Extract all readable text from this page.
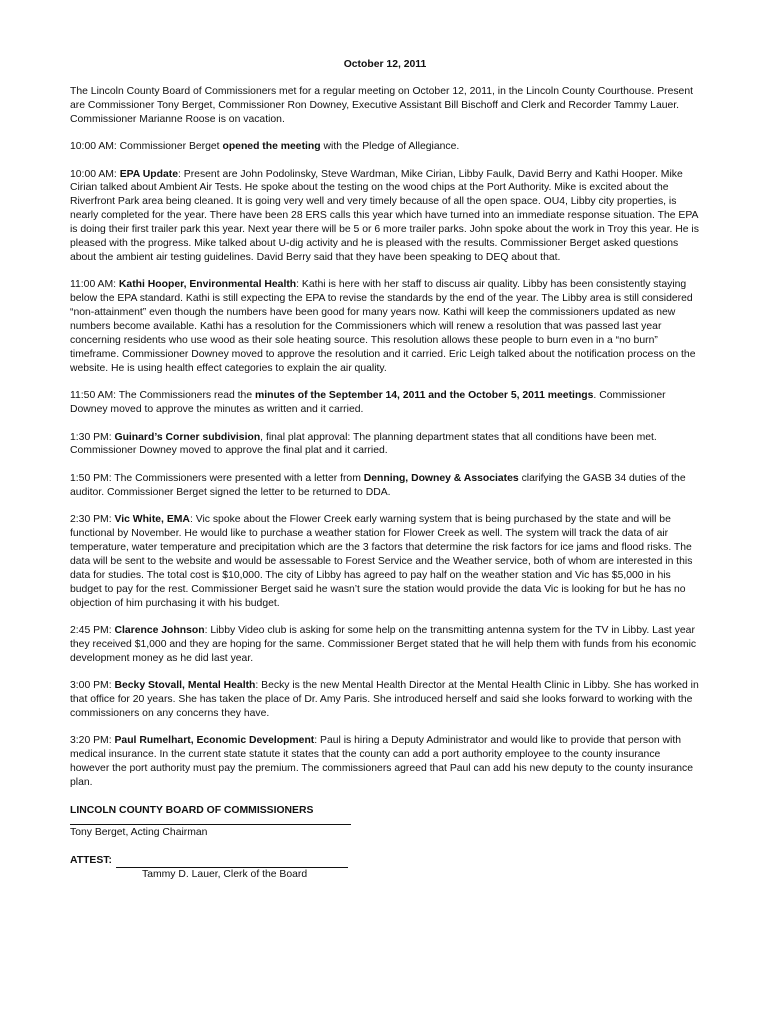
October 12, 2011

The Lincoln County Board of Commissioners met for a regular meeting on October 12, 2011, in the Lincoln County Courthouse. Present are Commissioner Tony Berget, Commissioner Ron Downey, Executive Assistant Bill Bischoff and Clerk and Recorder Tammy Lauer. Commissioner Marianne Roose is on vacation.

10:00 AM: Commissioner Berget opened the meeting with the Pledge of Allegiance.

10:00 AM: EPA Update: Present are John Podolinsky, Steve Wardman, Mike Cirian, Libby Faulk, David Berry and Kathi Hooper. Mike Cirian talked about Ambient Air Tests. He spoke about the testing on the wood chips at the Port Authority. Mike is excited about the Riverfront Park area being cleaned. It is going very well and very timely because of all the open space. OU4, Libby city properties, is nearly completed for the year. There have been 28 ERS calls this year which have turned into an immediate response situation. The EPA is doing their first trailer park this year. Next year there will be 5 or 6 more trailer parks. John spoke about the work in Troy this year. He is pleased with the progress. Mike talked about U-dig activity and he is pleased with the results. Commissioner Berget asked questions about the ambient air testing guidelines. David Berry said that they have been speaking to DEQ about that.

11:00 AM: Kathi Hooper, Environmental Health: Kathi is here with her staff to discuss air quality. Libby has been consistently staying below the EPA standard. Kathi is still expecting the EPA to revise the standards by the end of the year. The Libby area is still considered “non-attainment” even though the numbers have been good for many years now. Kathi will keep the commissioners updated as new numbers become available. Kathi has a resolution for the Commissioners which will renew a resolution that was passed last year concerning residents who use wood as their sole heating source. This resolution allows these people to burn even in a “no burn” timeframe. Commissioner Downey moved to approve the resolution and it carried. Eric Leigh talked about the notification process on the website. He is using health effect categories to explain the air quality.

11:50 AM: The Commissioners read the minutes of the September 14, 2011 and the October 5, 2011 meetings. Commissioner Downey moved to approve the minutes as written and it carried.

1:30 PM: Guinard’s Corner subdivision, final plat approval: The planning department states that all conditions have been met. Commissioner Downey moved to approve the final plat and it carried.

1:50 PM: The Commissioners were presented with a letter from Denning, Downey & Associates clarifying the GASB 34 duties of the auditor. Commissioner Berget signed the letter to be returned to DDA.

2:30 PM: Vic White, EMA: Vic spoke about the Flower Creek early warning system that is being purchased by the state and will be functional by November. He would like to purchase a weather station for Flower Creek as well. The system will track the data of air temperature, water temperature and precipitation which are the 3 factors that determine the risk factors for ice jams and flood risks. The data will be sent to the website and would be assessable to Forest Service and the Weather service, both of whom are interested in this data for studies. The total cost is $10,000. The city of Libby has agreed to pay half on the weather station and Vic has $5,000 in his budget to pay for the rest. Commissioner Berget said he wasn’t sure the station would provide the data Vic is looking for but he has no objection of him purchasing it with his budget.

2:45 PM: Clarence Johnson: Libby Video club is asking for some help on the transmitting antenna system for the TV in Libby. Last year they received $1,000 and they are hoping for the same. Commissioner Berget stated that he will help them with funds from his economic development money as he did last year.

3:00 PM: Becky Stovall, Mental Health: Becky is the new Mental Health Director at the Mental Health Clinic in Libby. She has worked in that office for 20 years. She has taken the place of Dr. Amy Paris. She introduced herself and said she looks forward to working with the commissioners on any concerns they have.

3:20 PM: Paul Rumelhart, Economic Development: Paul is hiring a Deputy Administrator and would like to provide that person with medical insurance. In the current state statute it states that the county can add a port authority employee to the county insurance however the port authority must pay the premium. The commissioners agreed that Paul can add his new deputy to the county insurance plan.

LINCOLN COUNTY BOARD OF COMMISSIONERS

Tony Berget, Acting Chairman

ATTEST:

Tammy D. Lauer, Clerk of the Board
